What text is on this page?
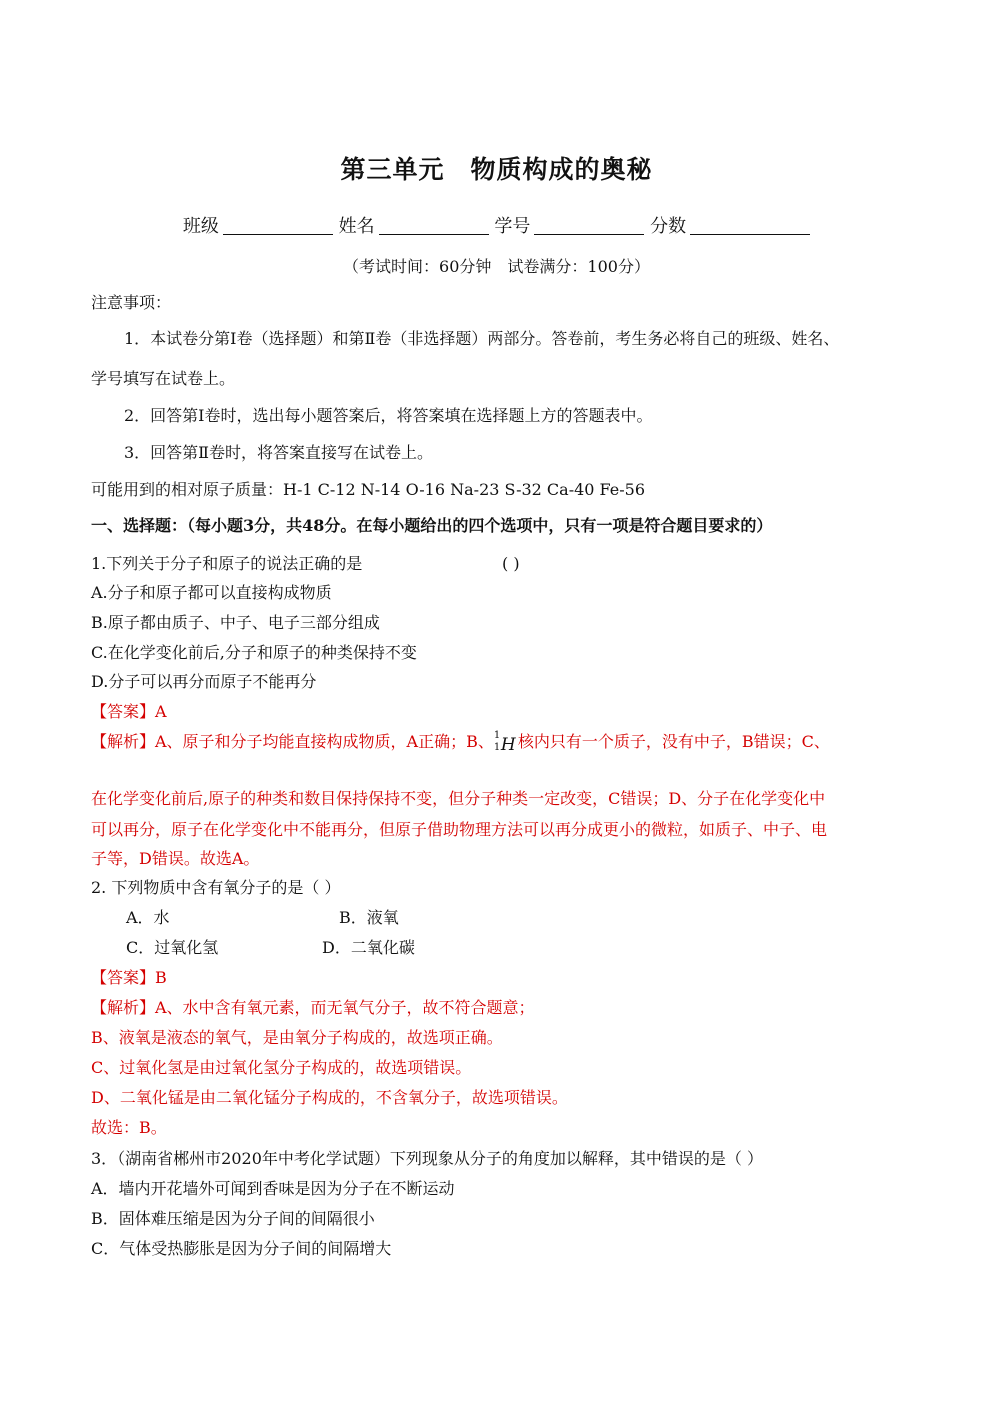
第三单元　物质构成的奥秘
班级	姓名	学号	分数
（考试时间：60分钟　试卷满分：100分）
注意事项：
1．本试卷分第Ⅰ卷（选择题）和第Ⅱ卷（非选择题）两部分。答卷前，考生务必将自己的班级、姓名、
学号填写在试卷上。
2．回答第Ⅰ卷时，选出每小题答案后，将答案填在选择题上方的答题表中。
3．回答第Ⅱ卷时，将答案直接写在试卷上。
可能用到的相对原子质量：H-1 C-12 N-14 O-16 Na-23 S-32 Ca-40 Fe-56
一、选择题：（每小题3分，共48分。在每小题给出的四个选项中，只有一项是符合题目要求的）
1.下列关于分子和原子的说法正确的是	( )
A.分子和原子都可以直接构成物质
B.原子都由质子、中子、电子三部分组成
C.在化学变化前后,分子和原子的种类保持不变
D.分子可以再分而原子不能再分
【答案】A
【解析】A、原子和分子均能直接构成物质，A正确；B、 1
1 H 核内只有一个质子，没有中子，B错误；C、
在化学变化前后,原子的种类和数目保持保持不变，但分子种类一定改变，C错误；D、分子在化学变化中
可以再分，原子在化学变化中不能再分，但原子借助物理方法可以再分成更小的微粒，如质子、中子、电
子等，D错误。故选A。
2. 下列物质中含有氧分子的是（ ）
A．水	B．液氧
C．过氧化氢	D．二氧化碳
【答案】B
【解析】A、水中含有氧元素，而无氧气分子，故不符合题意；
B、液氧是液态的氧气，是由氧分子构成的，故选项正确。
C、过氧化氢是由过氧化氢分子构成的，故选项错误。
D、二氧化锰是由二氧化锰分子构成的，不含氧分子，故选项错误。
故选：B。
3．（湖南省郴州市2020年中考化学试题）下列现象从分子的角度加以解释，其中错误的是（ ）
A．墙内开花墙外可闻到香味是因为分子在不断运动
B．固体难压缩是因为分子间的间隔很小
C．气体受热膨胀是因为分子间的间隔增大
